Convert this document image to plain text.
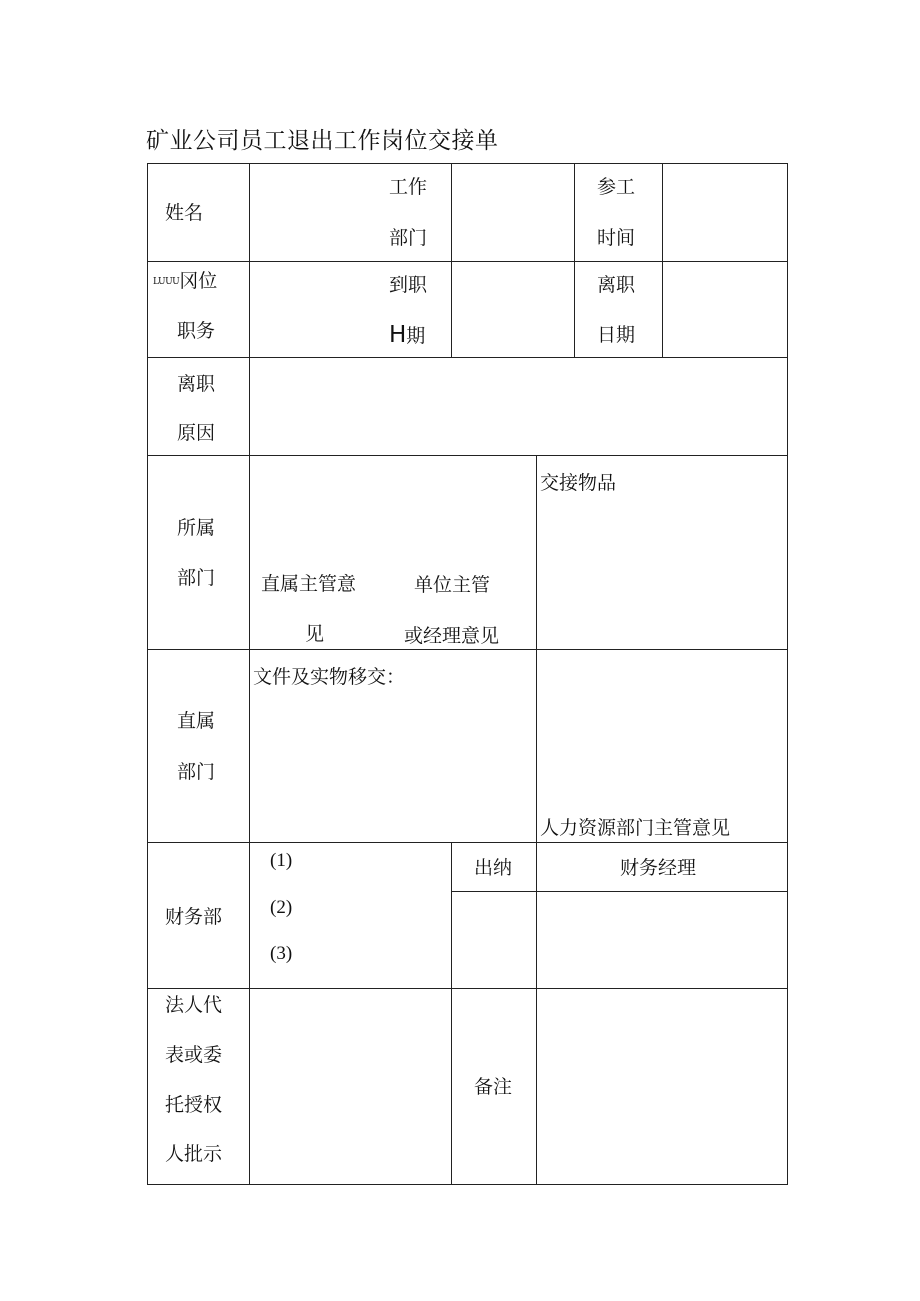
矿业公司员工退出工作岗位交接单
姓名
工作
部门
参工
时间
LUUU冈位
职务
到职
H期
离职
日期
离职
原因
所属
部门 直属主管意
见
单位主管
或经理意见
交接物品
直属
部门
文件及实物移交：
人力资源部门主管意见
财务部
(1)
(2)
(3)
出纳	财务经理
法人代
表或委
托授权
人批示
备注
